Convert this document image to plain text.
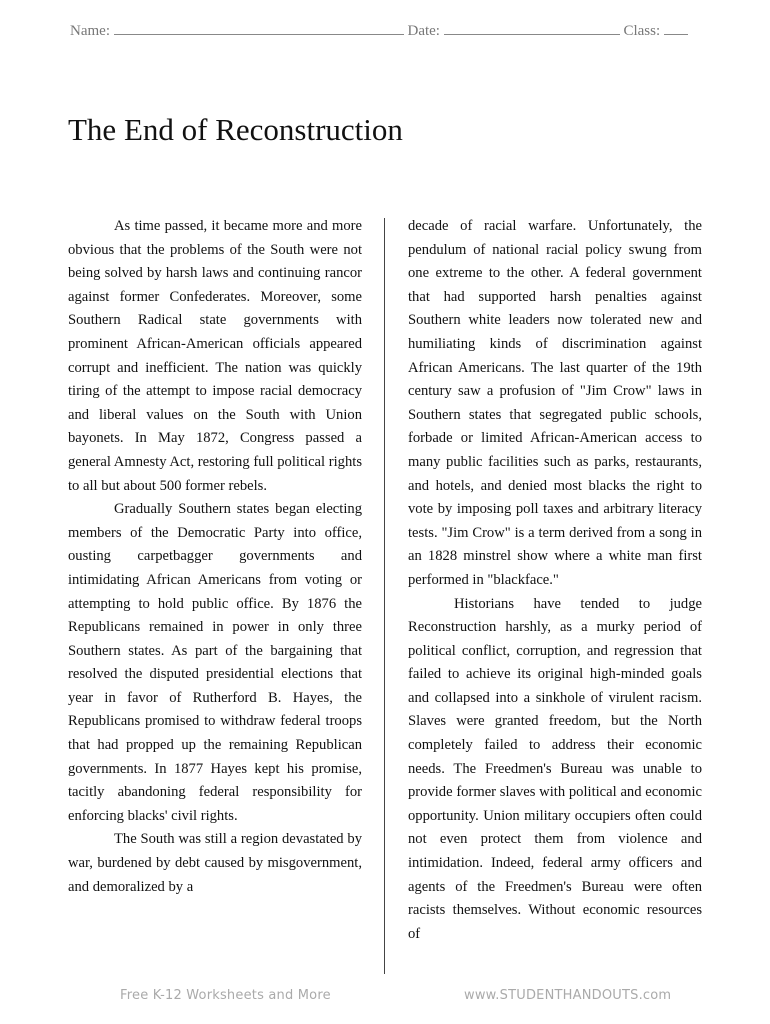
Name:	Date:	Class:
The End of Reconstruction

As time passed, it became more and more obvious that the problems of the South were not being solved by harsh laws and continuing rancor against former Confederates. Moreover, some Southern Radical state governments with prominent African-American officials appeared corrupt and inefficient. The nation was quickly tiring of the attempt to impose racial democracy and liberal values on the South with Union bayonets. In May 1872, Congress passed a general Amnesty Act, restoring full political rights to all but about 500 former rebels.

Gradually Southern states began electing members of the Democratic Party into office, ousting carpetbagger governments and intimidating African Americans from voting or attempting to hold public office. By 1876 the Republicans remained in power in only three Southern states. As part of the bargaining that resolved the disputed presidential elections that year in favor of Rutherford B. Hayes, the Republicans promised to withdraw federal troops that had propped up the remaining Republican governments. In 1877 Hayes kept his promise, tacitly abandoning federal responsibility for enforcing blacks' civil rights.

The South was still a region devastated by war, burdened by debt caused by misgovernment, and demoralized by a

decade of racial warfare. Unfortunately, the pendulum of national racial policy swung from one extreme to the other. A federal government that had supported harsh penalties against Southern white leaders now tolerated new and humiliating kinds of discrimination against African Americans. The last quarter of the 19th century saw a profusion of "Jim Crow" laws in Southern states that segregated public schools, forbade or limited African-American access to many public facilities such as parks, restaurants, and hotels, and denied most blacks the right to vote by imposing poll taxes and arbitrary literacy tests. "Jim Crow" is a term derived from a song in an 1828 minstrel show where a white man first performed in "blackface."

Historians have tended to judge Reconstruction harshly, as a murky period of political conflict, corruption, and regression that failed to achieve its original high-minded goals and collapsed into a sinkhole of virulent racism. Slaves were granted freedom, but the North completely failed to address their economic needs. The Freedmen's Bureau was unable to provide former slaves with political and economic opportunity. Union military occupiers often could not even protect them from violence and intimidation. Indeed, federal army officers and agents of the Freedmen's Bureau were often racists themselves. Without economic resources of

Free K-12 Worksheets and More	www.STUDENTHANDOUTS.com
